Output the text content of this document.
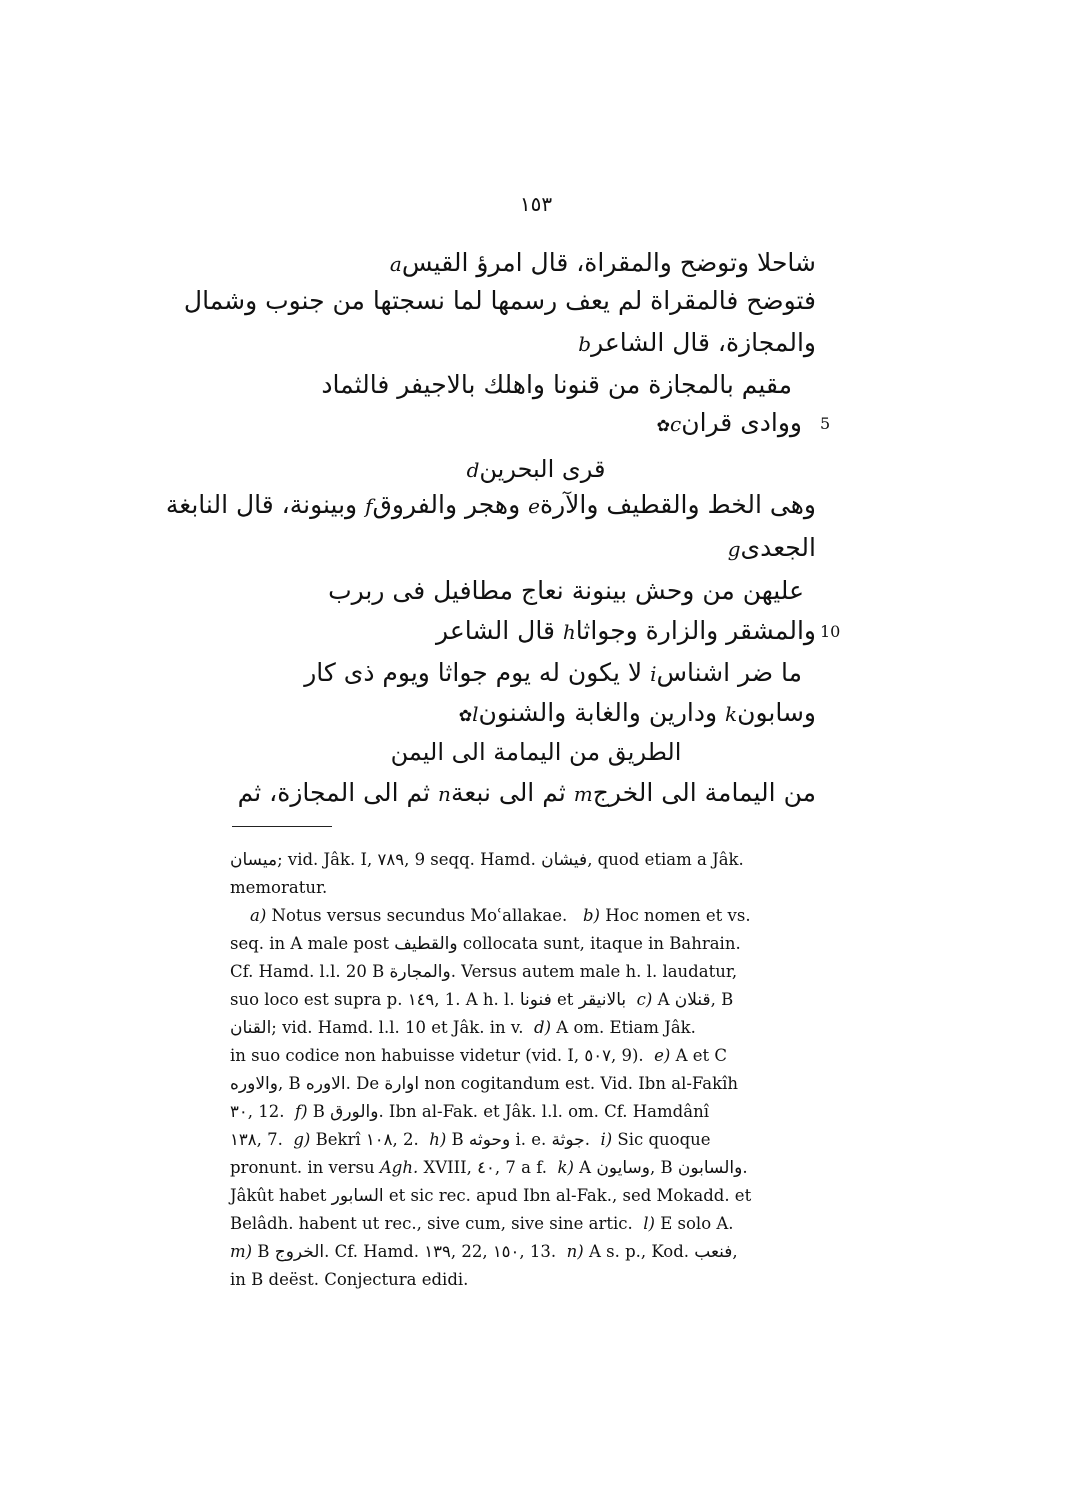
١٥٣
شاحلا وتوضح والمقراة، قال امرؤ القيسa
فتوضح فالمقراة لم يعف رسمها لما نسجتها من جنوب وشمال
والمجازة، قال الشاعرb
مقيم بالمجازة من قنونا واهلك بالاجيفر فالثماد
5
ووادى قرانc✿
قرى البحرينd
وهى الخط والقطيف والآرةe وهجر والفروقf وبينونة، قال النابغة
الجعدىg
عليهن من وحش بينونة نعاج مطافيل فى ربرب
10
والمشقر والزارة وجواثاh قال الشاعر
ما ضر اشناسi لا يكون له يوم جواثا ويوم ذى كار
وسابونk ودارين والغابة والشنونl✿
الطريق من اليمامة الى اليمن
من اليمامة الى الخرجm ثم الى نبعةn ثم الى المجازة، ثم
ميسان; vid. Jâk. I, ٧٨٩, 9 seqq. Hamd. فيشان, quod etiam a Jâk.
memoratur.
a) Notus versus secundus Moʿallakae. b) Hoc nomen et vs.
seq. in A male post والقطيف collocata sunt, itaque in Bahrain.
Cf. Hamd. l.l. 20 B والمجارة. Versus autem male h. l. laudatur,
suo loco est supra p. ١٤٩, 1. A h. l. فنونا et بالانيقر c) A قنلان, B
القنان; vid. Hamd. l.l. 10 et Jâk. in v. d) A om. Etiam Jâk.
in suo codice non habuisse videtur (vid. I, ٥٠٧, 9). e) A et C
والاوره, B الاوره. De اوارة non cogitandum est. Vid. Ibn al-Fakîh
٣٠, 12. f) B والورق. Ibn al-Fak. et Jâk. l.l. om. Cf. Hamdânî
١٣٨, 7. g) Bekrî ١٠٨, 2. h) B وحوثه i. e. جوثة. i) Sic quoque
pronunt. in versu Agh. XVIII, ٤٠, 7 a f. k) A وسايون, B والسابون.
Jâkût habet السابور et sic rec. apud Ibn al-Fak., sed Mokadd. et
Belâdh. habent ut rec., sive cum, sive sine artic. l) E solo A.
m) B الخروج. Cf. Hamd. ١٣٩, 22, ١٥٠, 13. n) A s. p., Kod. فنعب,
in B deëst. Conjectura edidi.
